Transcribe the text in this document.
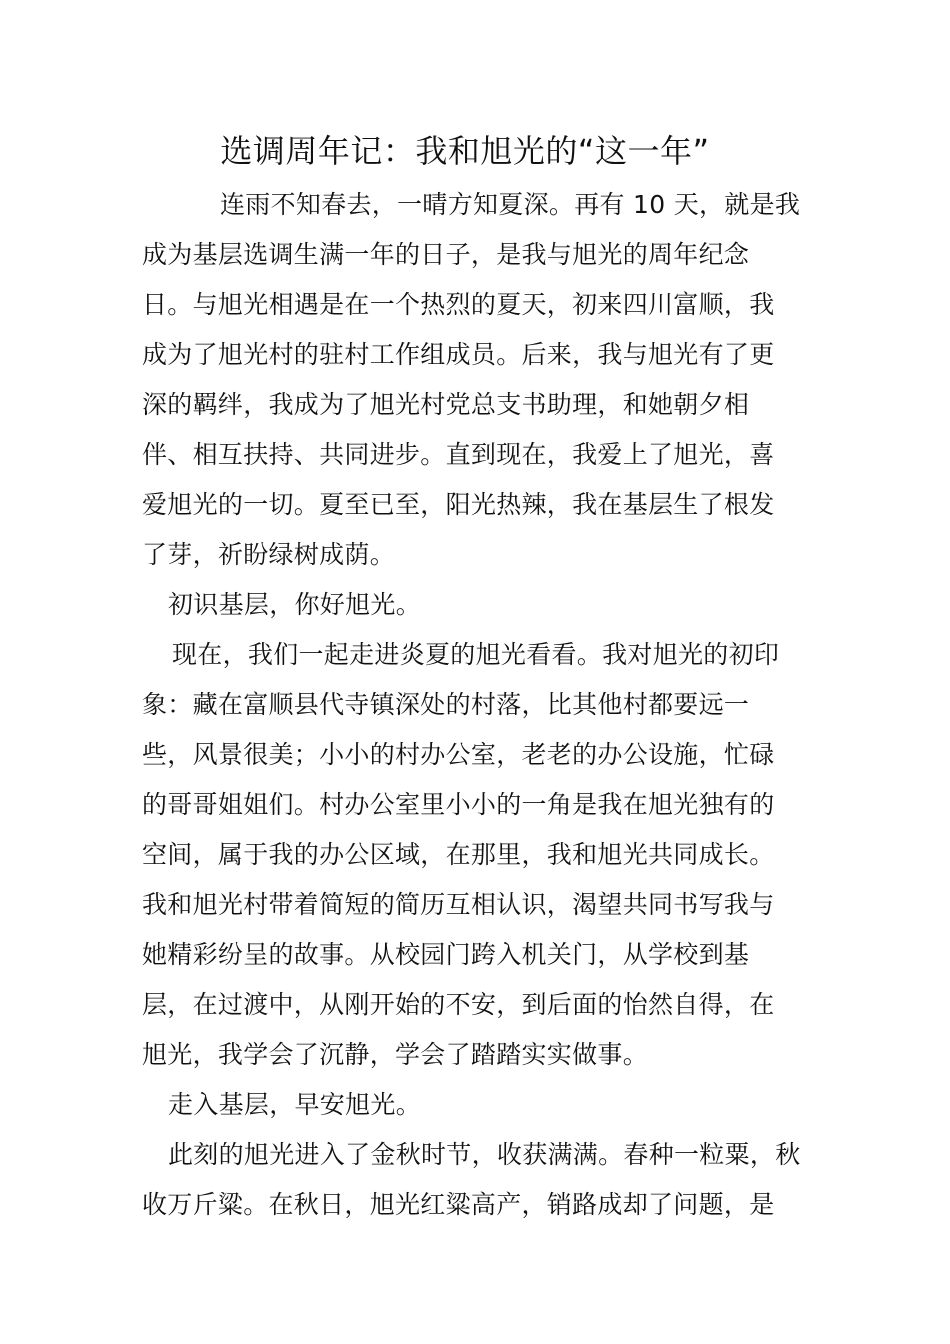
选调周年记：我和旭光的“这一年”
连雨不知春去，一晴方知夏深。再有 10 天，就是我
成为基层选调生满一年的日子，是我与旭光的周年纪念
日。与旭光相遇是在一个热烈的夏天，初来四川富顺，我
成为了旭光村的驻村工作组成员。后来，我与旭光有了更
深的羁绊，我成为了旭光村党总支书助理，和她朝夕相
伴、相互扶持、共同进步。直到现在，我爱上了旭光，喜
爱旭光的一切。夏至已至，阳光热辣，我在基层生了根发
了芽，祈盼绿树成荫。
初识基层，你好旭光。
现在，我们一起走进炎夏的旭光看看。我对旭光的初印
象：藏在富顺县代寺镇深处的村落，比其他村都要远一
些，风景很美；小小的村办公室，老老的办公设施，忙碌
的哥哥姐姐们。村办公室里小小的一角是我在旭光独有的
空间，属于我的办公区域，在那里，我和旭光共同成长。
我和旭光村带着简短的简历互相认识，渴望共同书写我与
她精彩纷呈的故事。从校园门跨入机关门，从学校到基
层，在过渡中，从刚开始的不安，到后面的怡然自得，在
旭光，我学会了沉静，学会了踏踏实实做事。
走入基层，早安旭光。
此刻的旭光进入了金秋时节，收获满满。春种一粒粟，秋
收万斤粱。在秋日，旭光红粱高产，销路成却了问题，是
